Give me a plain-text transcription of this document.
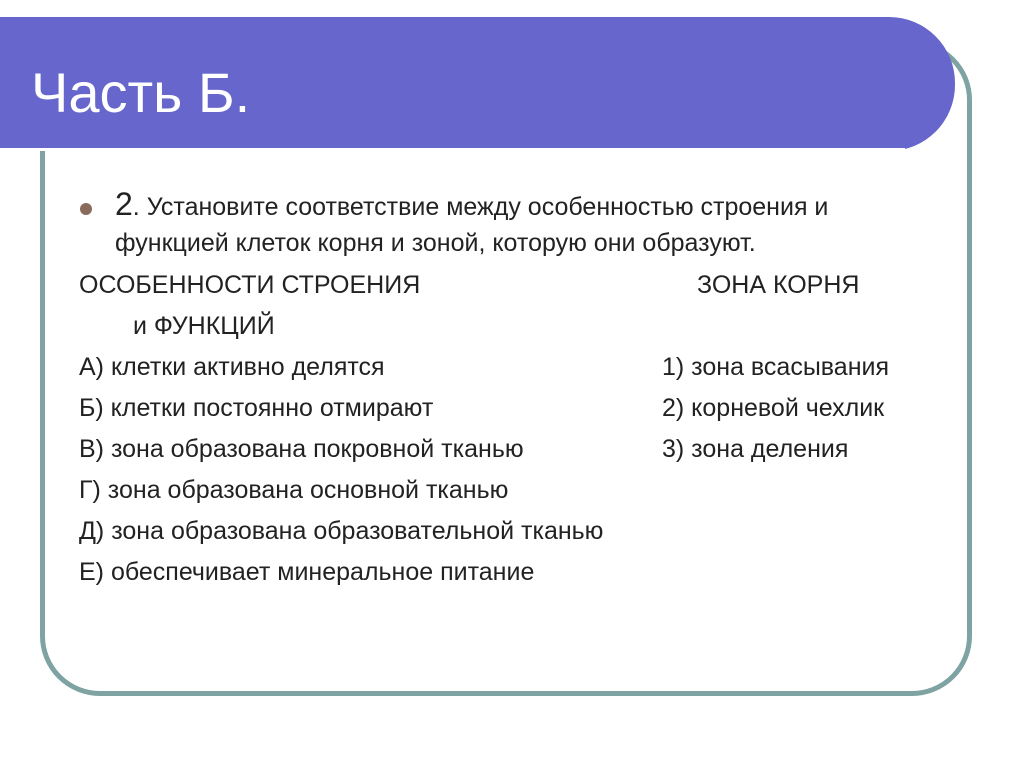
Часть Б.

2. Установите соответствие между особенностью строения и функцией клеток корня и зоной, которую они образуют.

ОСОБЕННОСТИ СТРОЕНИЯ

и ФУНКЦИЙ

ЗОНА КОРНЯ

А) клетки активно делятся

Б) клетки постоянно отмирают

В) зона образована покровной тканью

Г) зона образована основной тканью

Д) зона образована образовательной тканью

Е) обеспечивает минеральное питание

1) зона всасывания

2) корневой чехлик

3) зона деления
